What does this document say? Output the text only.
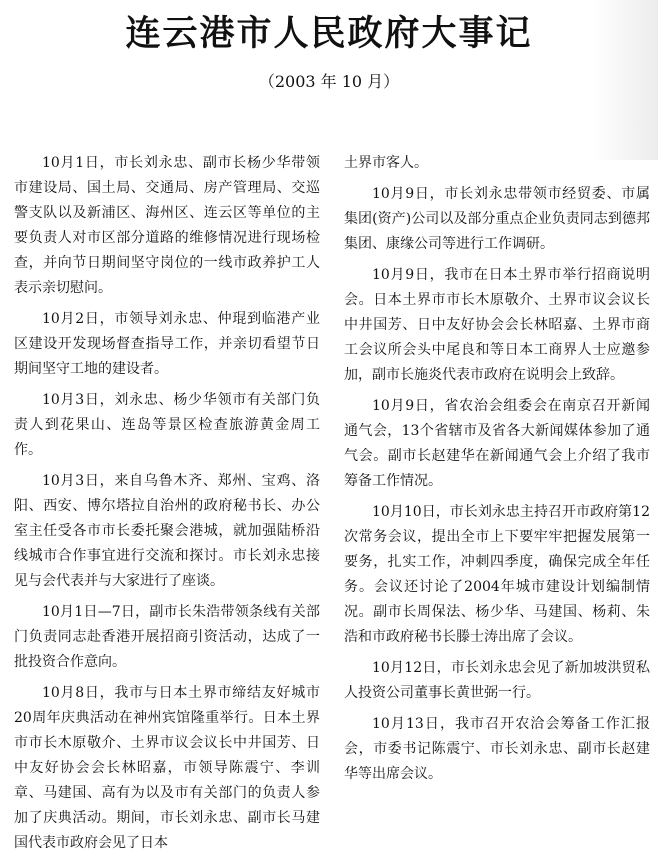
连云港市人民政府大事记
（2003 年 10 月）

10月1日，市长刘永忠、副市长杨少华带领市建设局、国土局、交通局、房产管理局、交巡警支队以及新浦区、海州区、连云区等单位的主要负责人对市区部分道路的维修情况进行现场检查，并向节日期间坚守岗位的一线市政养护工人表示亲切慰问。

10月2日，市领导刘永忠、仲琨到临港产业区建设开发现场督查指导工作，并亲切看望节日期间坚守工地的建设者。

10月3日，刘永忠、杨少华领市有关部门负责人到花果山、连岛等景区检查旅游黄金周工作。

10月3日，来自乌鲁木齐、郑州、宝鸡、洛阳、西安、博尔塔拉自治州的政府秘书长、办公室主任受各市市长委托聚会港城，就加强陆桥沿线城市合作事宜进行交流和探讨。市长刘永忠接见与会代表并与大家进行了座谈。

10月1日—7日，副市长朱浩带领条线有关部门负责同志赴香港开展招商引资活动，达成了一批投资合作意向。

10月8日，我市与日本土界市缔结友好城市20周年庆典活动在神州宾馆隆重举行。日本土界市市长木原敬介、土界市议会议长中井国芳、日中友好协会会长林昭嘉，市领导陈震宁、李训章、马建国、高有为以及市有关部门的负责人参加了庆典活动。期间，市长刘永忠、副市长马建国代表市政府会见了日本

土界市客人。

10月9日，市长刘永忠带领市经贸委、市属集团(资产)公司以及部分重点企业负责同志到德邦集团、康缘公司等进行工作调研。

10月9日，我市在日本土界市举行招商说明会。日本土界市市长木原敬介、土界市议会议长中井国芳、日中友好协会会长林昭嘉、土界市商工会议所会头中尾良和等日本工商界人士应邀参加，副市长施炎代表市政府在说明会上致辞。

10月9日，省农治会组委会在南京召开新闻通气会，13个省辖市及省各大新闻媒体参加了通气会。副市长赵建华在新闻通气会上介绍了我市筹备工作情况。

10月10日，市长刘永忠主持召开市政府第12次常务会议，提出全市上下要牢牢把握发展第一要务，扎实工作，冲刺四季度，确保完成全年任务。会议还讨论了2004年城市建设计划编制情况。副市长周保法、杨少华、马建国、杨莉、朱浩和市政府秘书长滕士涛出席了会议。

10月12日，市长刘永忠会见了新加坡洪贸私人投资公司董事长黄世弼一行。

10月13日，我市召开农洽会筹备工作汇报会，市委书记陈震宁、市长刘永忠、副市长赵建华等出席会议。
